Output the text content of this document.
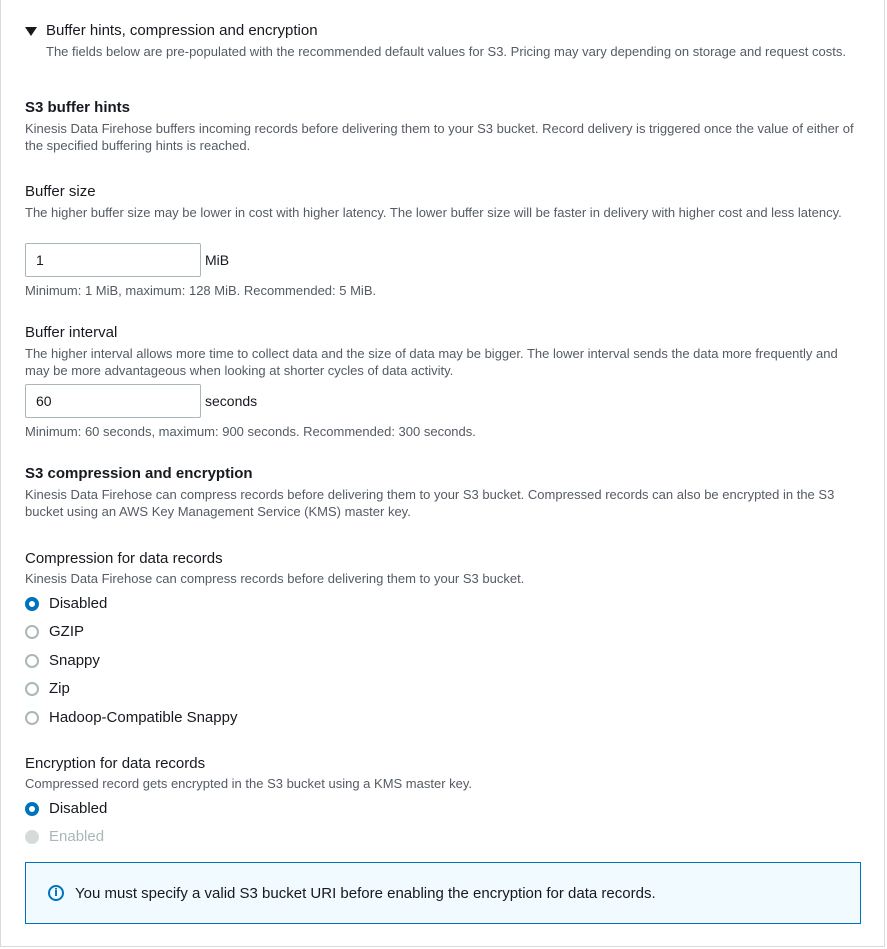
Buffer hints, compression and encryption
The fields below are pre-populated with the recommended default values for S3. Pricing may vary depending on storage and request costs.
S3 buffer hints
Kinesis Data Firehose buffers incoming records before delivering them to your S3 bucket. Record delivery is triggered once the value of either of the specified buffering hints is reached.
Buffer size
The higher buffer size may be lower in cost with higher latency. The lower buffer size will be faster in delivery with higher cost and less latency.
1
MiB
Minimum: 1 MiB, maximum: 128 MiB. Recommended: 5 MiB.
Buffer interval
The higher interval allows more time to collect data and the size of data may be bigger. The lower interval sends the data more frequently and may be more advantageous when looking at shorter cycles of data activity.
60
seconds
Minimum: 60 seconds, maximum: 900 seconds. Recommended: 300 seconds.
S3 compression and encryption
Kinesis Data Firehose can compress records before delivering them to your S3 bucket. Compressed records can also be encrypted in the S3 bucket using an AWS Key Management Service (KMS) master key.
Compression for data records
Kinesis Data Firehose can compress records before delivering them to your S3 bucket.
Disabled
GZIP
Snappy
Zip
Hadoop-Compatible Snappy
Encryption for data records
Compressed record gets encrypted in the S3 bucket using a KMS master key.
Disabled
Enabled
i	You must specify a valid S3 bucket URI before enabling the encryption for data records.
